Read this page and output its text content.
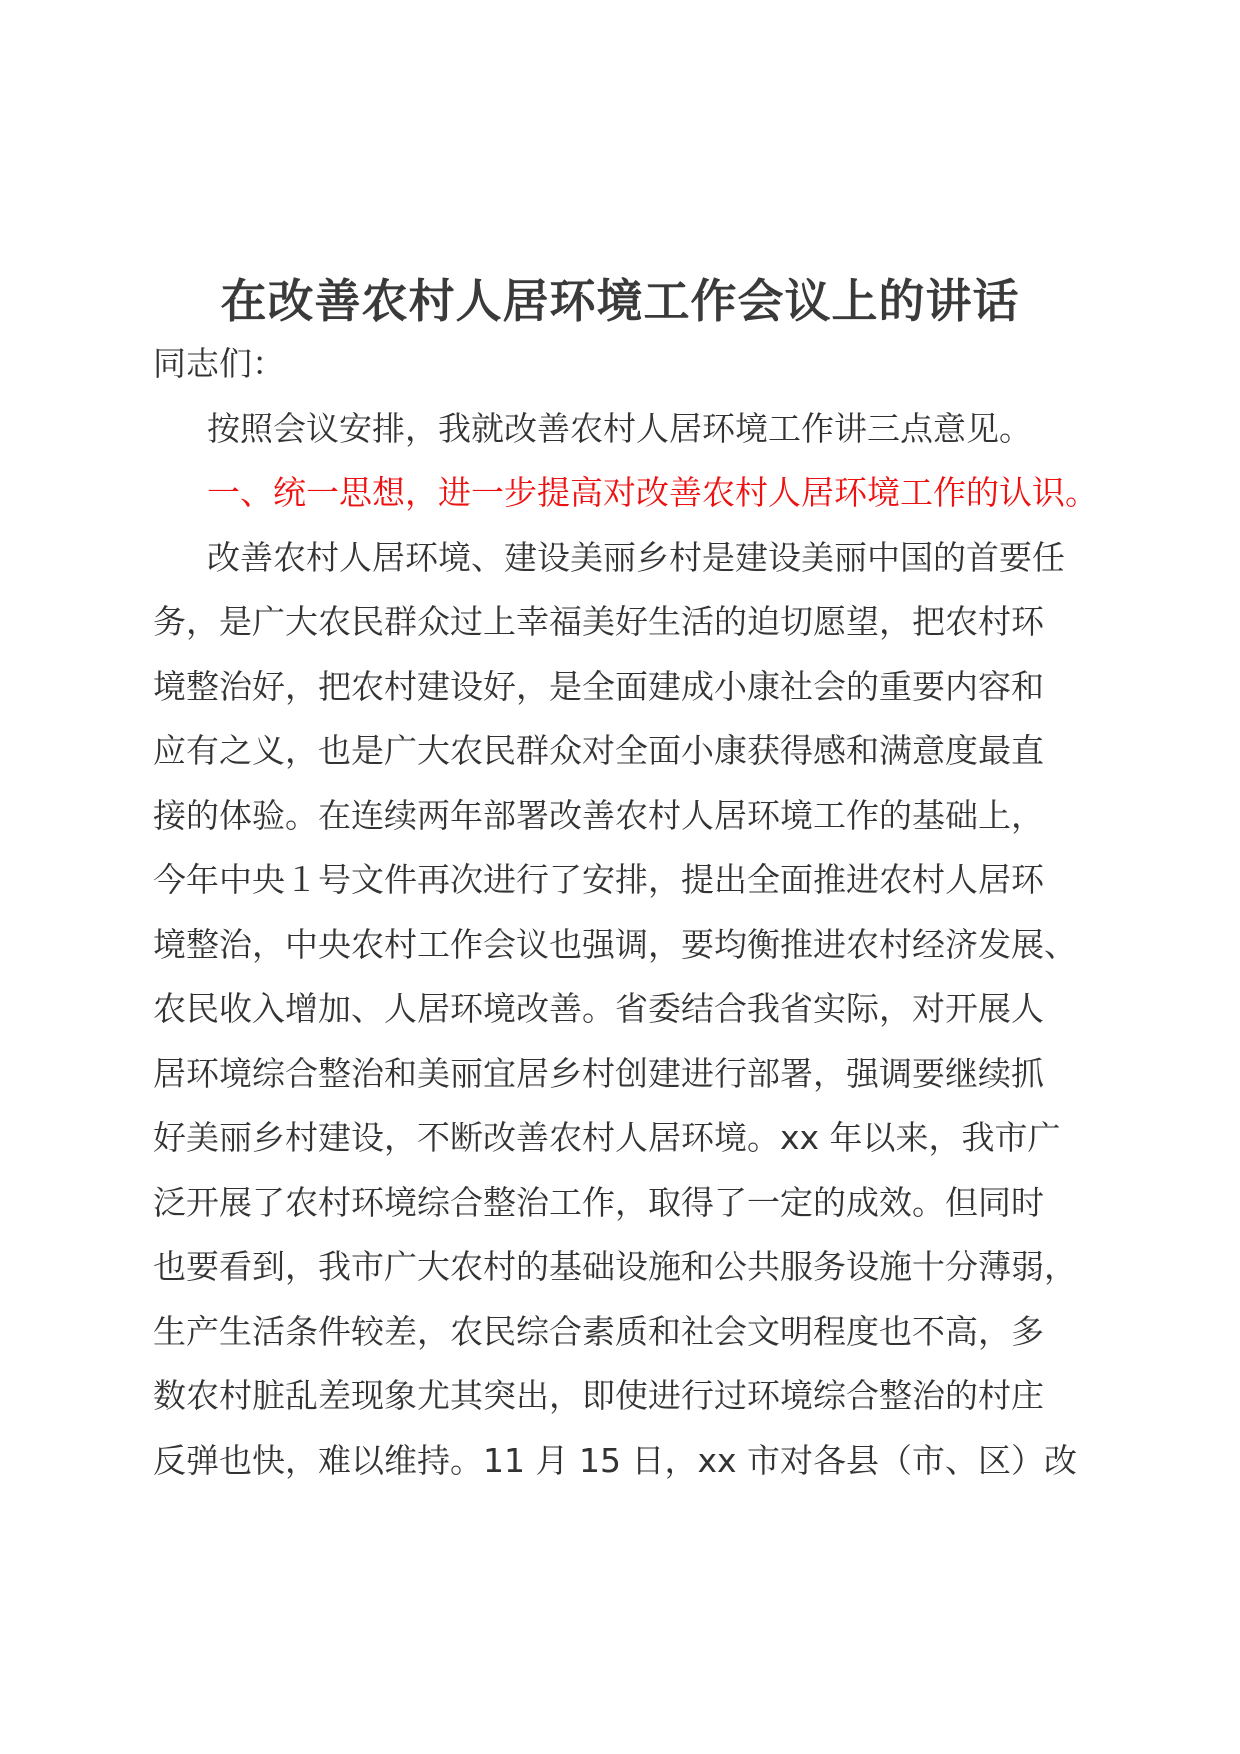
在改善农村人居环境工作会议上的讲话

同志们：

按照会议安排，我就改善农村人居环境工作讲三点意见。

一、统一思想，进一步提高对改善农村人居环境工作的认识。

改善农村人居环境、建设美丽乡村是建设美丽中国的首要任
务，是广大农民群众过上幸福美好生活的迫切愿望，把农村环
境整治好，把农村建设好，是全面建成小康社会的重要内容和
应有之义，也是广大农民群众对全面小康获得感和满意度最直
接的体验。在连续两年部署改善农村人居环境工作的基础上，
今年中央１号文件再次进行了安排，提出全面推进农村人居环
境整治，中央农村工作会议也强调，要均衡推进农村经济发展、
农民收入增加、人居环境改善。省委结合我省实际，对开展人
居环境综合整治和美丽宜居乡村创建进行部署，强调要继续抓
好美丽乡村建设，不断改善农村人居环境。xx 年以来，我市广
泛开展了农村环境综合整治工作，取得了一定的成效。但同时
也要看到，我市广大农村的基础设施和公共服务设施十分薄弱，
生产生活条件较差，农民综合素质和社会文明程度也不高，多
数农村脏乱差现象尤其突出，即使进行过环境综合整治的村庄
反弹也快，难以维持。11 月 15 日，xx 市对各县（市、区）改
